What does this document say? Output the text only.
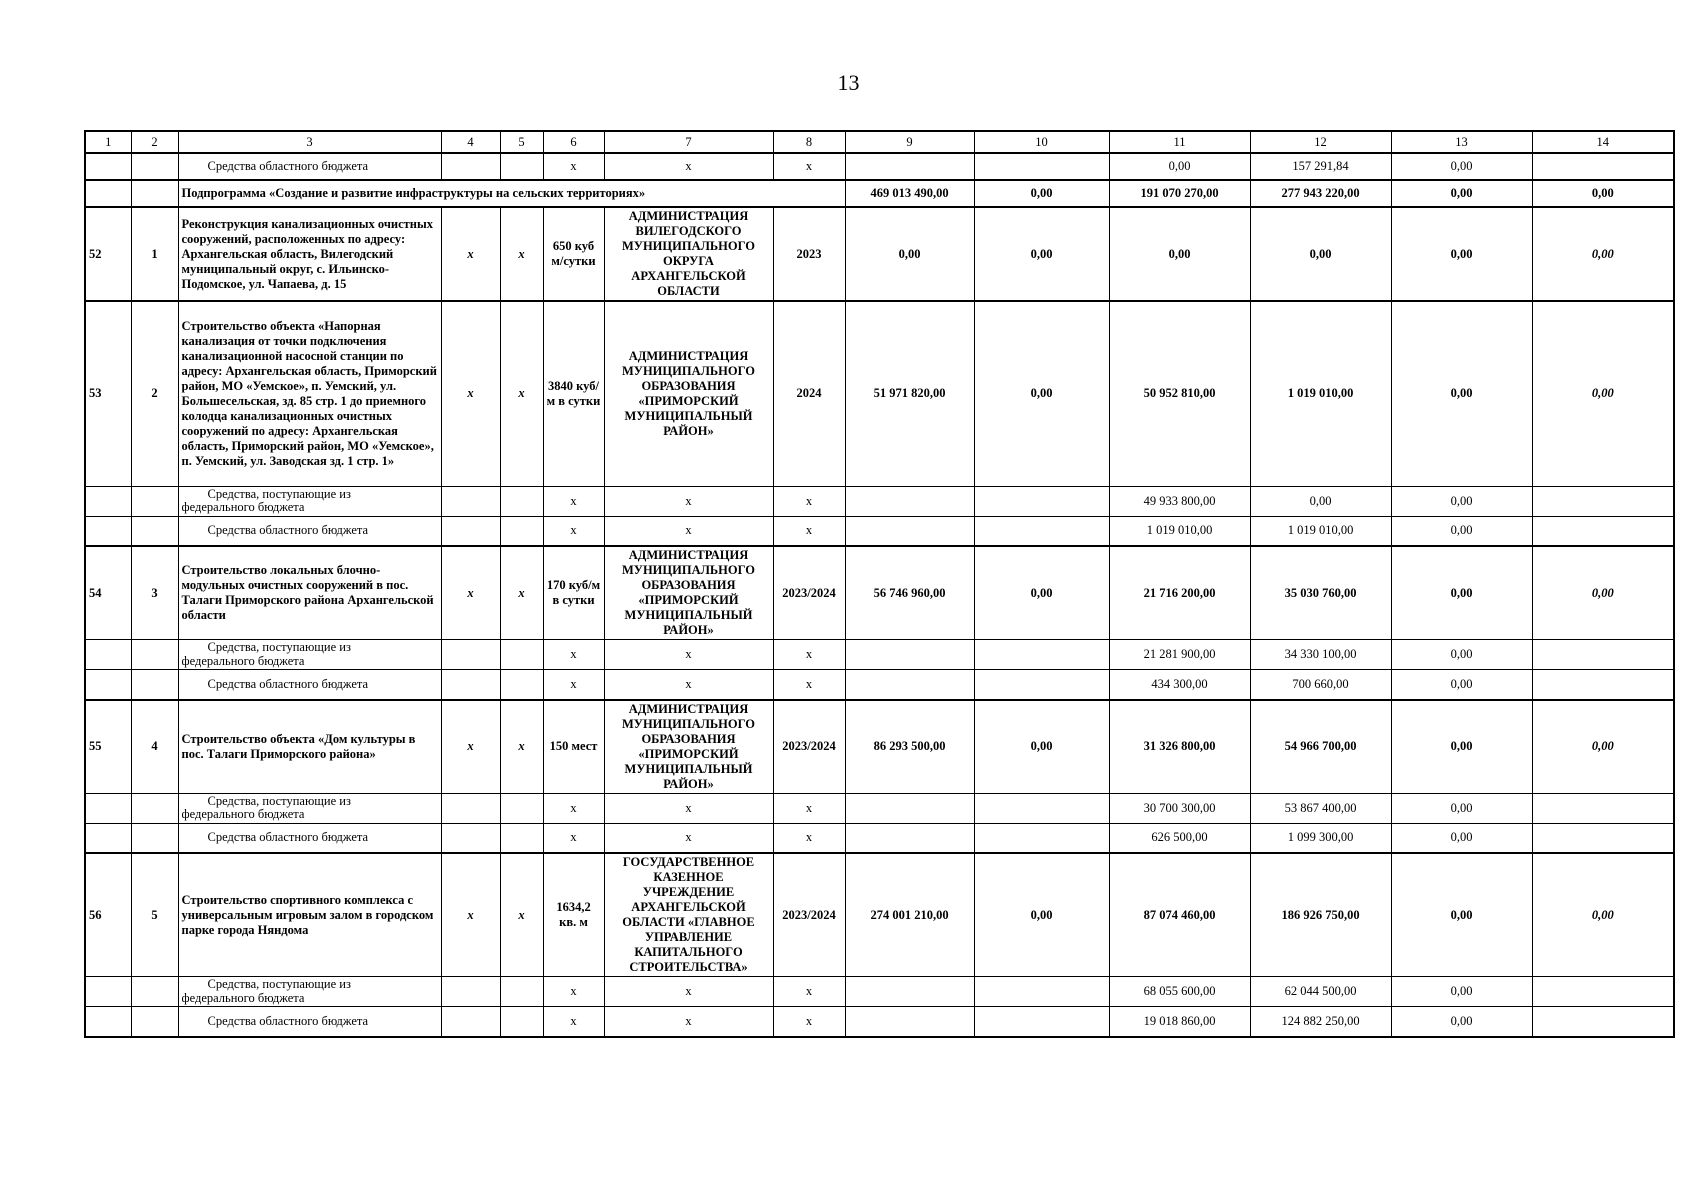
13
1	2	3	4	5	6	7	8	9	10	11	12	13	14

		Средства областного бюджета			х	х	х			0,00	157 291,84	0,00	
		Подпрограмма «Создание и развитие инфраструктуры на сельских территориях»						469 013 490,00	0,00	191 070 270,00	277 943 220,00	0,00	0,00
52	1	Реконструкция канализационных очистных сооружений, расположенных по адресу: Архангельская область, Вилегодский муниципальный округ, с. Ильинско-Подомское, ул. Чапаева, д. 15	х	х	650 куб м/сутки	АДМИНИСТРАЦИЯ ВИЛЕГОДСКОГО МУНИЦИПАЛЬНОГО ОКРУГА АРХАНГЕЛЬСКОЙ ОБЛАСТИ	2023	0,00	0,00	0,00	0,00	0,00	0,00
53	2	Строительство объекта «Напорная канализация от точки подключения канализационной насосной станции по адресу: Архангельская область, Приморский район, МО «Уемское», п. Уемский, ул. Большесельская, зд. 85 стр. 1 до приемного колодца канализационных очистных сооружений по адресу: Архангельская область, Приморский район, МО «Уемское», п. Уемский, ул. Заводская зд. 1 стр. 1»	х	х	3840 куб/м в сутки	АДМИНИСТРАЦИЯ МУНИЦИПАЛЬНОГО ОБРАЗОВАНИЯ «ПРИМОРСКИЙ МУНИЦИПАЛЬНЫЙ РАЙОН»	2024	51 971 820,00	0,00	50 952 810,00	1 019 010,00	0,00	0,00

		Средства, поступающие из
федерального бюджета			х	х	х			49 933 800,00	0,00	0,00	

		Средства областного бюджета			х	х	х			1 019 010,00	1 019 010,00	0,00	
54	3	Строительство локальных блочно-модульных очистных сооружений в пос. Талаги Приморского района Архангельской области	х	х	170 куб/м в сутки	АДМИНИСТРАЦИЯ МУНИЦИПАЛЬНОГО ОБРАЗОВАНИЯ «ПРИМОРСКИЙ МУНИЦИПАЛЬНЫЙ РАЙОН»	2023/2024	56 746 960,00	0,00	21 716 200,00	35 030 760,00	0,00	0,00

		Средства, поступающие из
федерального бюджета			х	х	х			21 281 900,00	34 330 100,00	0,00	

		Средства областного бюджета			х	х	х			434 300,00	700 660,00	0,00	
55	4	Строительство объекта «Дом культуры в пос. Талаги Приморского района»	х	х	150 мест	АДМИНИСТРАЦИЯ МУНИЦИПАЛЬНОГО ОБРАЗОВАНИЯ «ПРИМОРСКИЙ МУНИЦИПАЛЬНЫЙ РАЙОН»	2023/2024	86 293 500,00	0,00	31 326 800,00	54 966 700,00	0,00	0,00

		Средства, поступающие из
федерального бюджета			х	х	х			30 700 300,00	53 867 400,00	0,00	

		Средства областного бюджета			х	х	х			626 500,00	1 099 300,00	0,00	
56	5	Строительство спортивного комплекса с универсальным игровым залом в городском парке города Няндома	х	х	1634,2 кв. м	ГОСУДАРСТВЕННОЕ КАЗЕННОЕ УЧРЕЖДЕНИЕ АРХАНГЕЛЬСКОЙ ОБЛАСТИ «ГЛАВНОЕ УПРАВЛЕНИЕ КАПИТАЛЬНОГО СТРОИТЕЛЬСТВА»	2023/2024	274 001 210,00	0,00	87 074 460,00	186 926 750,00	0,00	0,00

		Средства, поступающие из
федерального бюджета			х	х	х			68 055 600,00	62 044 500,00	0,00	

		Средства областного бюджета			х	х	х			19 018 860,00	124 882 250,00	0,00	
